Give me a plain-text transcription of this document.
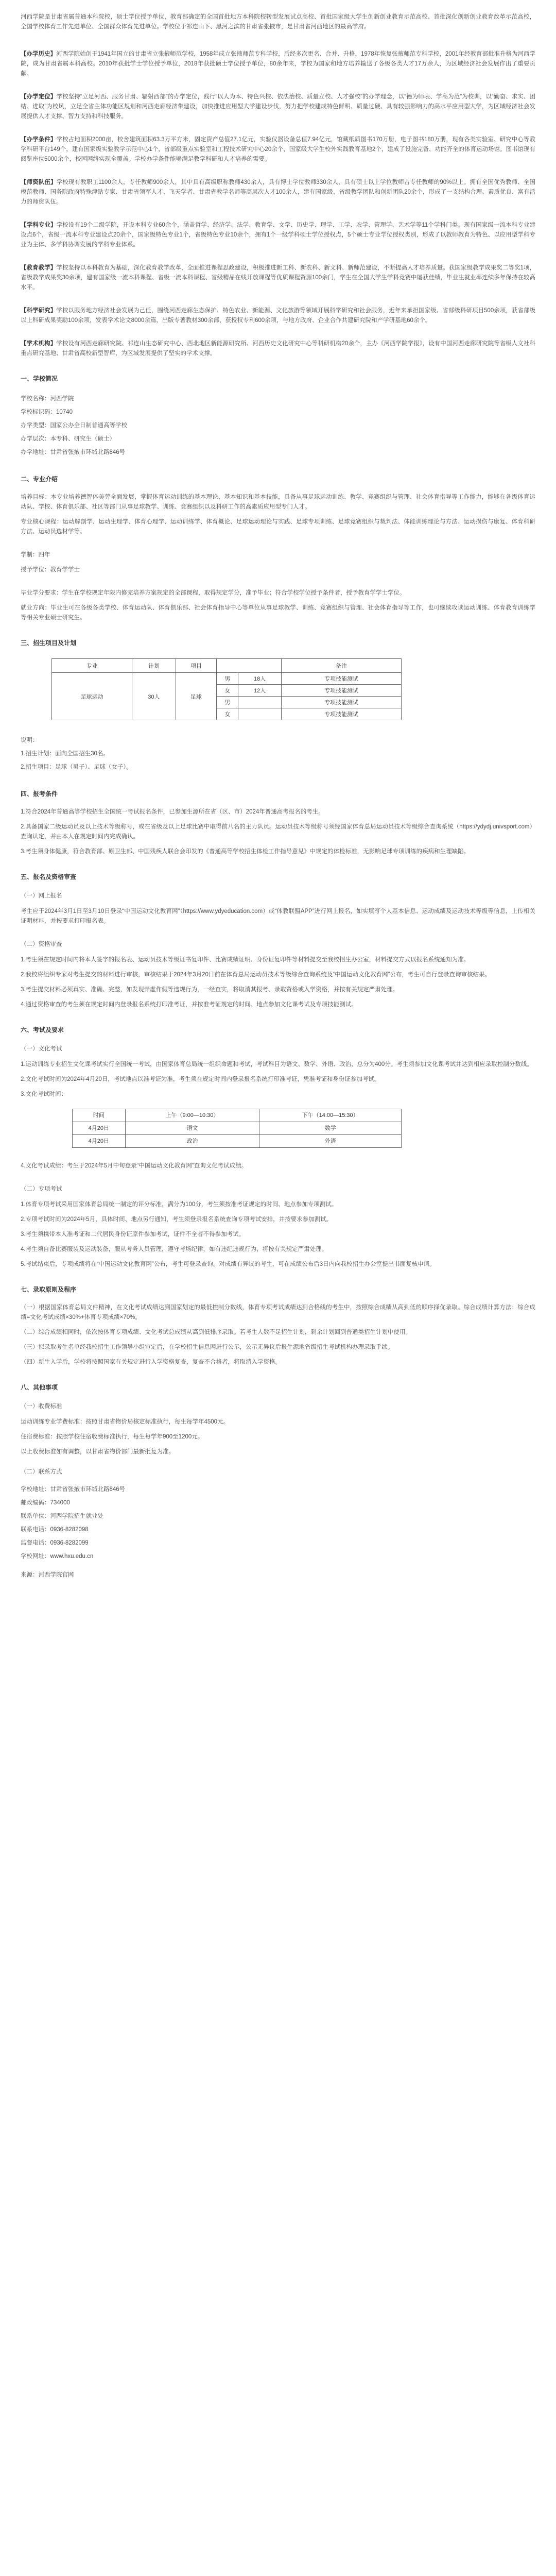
河西学院是甘肃省属普通本科院校，硕士学位授予单位，教育部确定的全国首批地方本科院校转型发展试点高校、首批国家级大学生创新创业教育示范高校、首批深化创新创业教育改革示范高校，全国学校体育工作先进单位、全国群众体育先进单位。学校位于祁连山下、黑河之滨的甘肃省张掖市，是甘肃省河西地区的最高学府。

【办学历史】河西学院始创于1941年国立的甘肃省立张掖师范学校，1958年成立张掖师范专科学校，后经多次更名、合并、升格，1978年恢复张掖师范专科学校，2001年经教育部批准升格为河西学院，成为甘肃省属本科高校。2010年获批学士学位授予单位，2018年获批硕士学位授予单位，80余年来，学校为国家和地方培养输送了各级各类人才17万余人，为区域经济社会发展作出了重要贡献。

【办学定位】学校坚持“立足河西、服务甘肃、辐射西部”的办学定位，践行“以人为本、特色兴校、依法治校、质量立校、人才强校”的办学理念，以“德为师表、学高为范”为校训，以“勤奋、求实、团结、进取”为校风，立足全省主体功能区规划和河西走廊经济带建设，加快推进应用型大学建设步伐，努力把学校建成特色鲜明、质量过硬、具有较强影响力的高水平应用型大学，为区域经济社会发展提供人才支撑、智力支持和科技服务。

【办学条件】学校占地面积2000亩，校舍建筑面积63.3万平方米，固定资产总值27.1亿元，实验仪器设备总值7.94亿元，馆藏纸质图书170万册，电子图书180万册，现有各类实验室、研究中心等教学科研平台149个，建有国家级实验教学示范中心1个，省部级重点实验室和工程技术研究中心20余个，国家级大学生校外实践教育基地2个，建成了设施完备、功能齐全的体育运动场馆。图书馆现有阅览座位5000余个，校园网络实现全覆盖。学校办学条件能够满足教学科研和人才培养的需要。

【师资队伍】学校现有教职工1100余人，专任教师900余人，其中具有高级职称教师430余人，具有博士学位教师330余人，具有硕士以上学位教师占专任教师的90%以上。拥有全国优秀教师、全国模范教师、国务院政府特殊津贴专家、甘肃省领军人才、飞天学者、甘肃省教学名师等高层次人才100余人，建有国家级、省级教学团队和创新团队20余个，形成了一支结构合理、素质优良、富有活力的师资队伍。

【学科专业】学校设有19个二级学院，开设本科专业60余个，涵盖哲学、经济学、法学、教育学、文学、历史学、理学、工学、农学、管理学、艺术学等11个学科门类。现有国家级一流本科专业建设点6个，省级一流本科专业建设点20余个，国家级特色专业1个，省级特色专业10余个，拥有1个一级学科硕士学位授权点，5个硕士专业学位授权类别，形成了以教师教育为特色、以应用型学科专业为主体、多学科协调发展的学科专业体系。

【教育教学】学校坚持以本科教育为基础，深化教育教学改革，全面推进课程思政建设，积极推进新工科、新农科、新文科、新师范建设，不断提高人才培养质量。获国家级教学成果奖二等奖1项，省级教学成果奖30余项，建有国家级一流本科课程、省级一流本科课程、省级精品在线开放课程等优质课程资源100余门，学生在全国大学生学科竞赛中屡获佳绩，毕业生就业率连续多年保持在较高水平。

【科学研究】学校以服务地方经济社会发展为己任，围绕河西走廊生态保护、特色农业、新能源、文化旅游等领域开展科学研究和社会服务，近年来承担国家级、省部级科研项目500余项，获省部级以上科研成果奖励100余项，发表学术论文8000余篇，出版专著教材300余部，获授权专利600余项，与地方政府、企业合作共建研究院和产学研基地60余个。

【学术机构】学校设有河西走廊研究院、祁连山生态研究中心、西北地区新能源研究所、河西历史文化研究中心等科研机构20余个，主办《河西学院学报》，设有中国河西走廊研究院等省级人文社科重点研究基地、甘肃省高校新型智库，为区域发展提供了坚实的学术支撑。

一、学校简况

学校名称：河西学院

学校标识码：10740

办学类型：国家公办全日制普通高等学校

办学层次：本专科、研究生（硕士）

办学地址：甘肃省张掖市环城北路846号

二、专业介绍

培养目标：本专业培养德智体美劳全面发展，掌握体育运动训练的基本理论、基本知识和基本技能，具备从事足球运动训练、教学、竞赛组织与管理、社会体育指导等工作能力，能够在各级体育运动队、学校、体育俱乐部、社区等部门从事足球教学、训练、竞赛组织以及科研工作的高素质应用型专门人才。

专业核心课程：运动解剖学、运动生理学、体育心理学、运动训练学、体育概论、足球运动理论与实践、足球专项训练、足球竞赛组织与裁判法、体能训练理论与方法、运动损伤与康复、体育科研方法、运动员选材学等。

学制：四年

授予学位：教育学学士

毕业学分要求：学生在学校规定年限内修完培养方案规定的全部课程，取得规定学分，准予毕业；符合学校学位授予条件者，授予教育学学士学位。

就业方向：毕业生可在各级各类学校、体育运动队、体育俱乐部、社会体育指导中心等单位从事足球教学、训练、竞赛组织与管理、社会体育指导等工作，也可继续攻读运动训练、体育教育训练学等相关专业硕士研究生。

三、招生项目及计划
专业	计划	项目			备注
足球运动	30人	足球	男	18人	专项技能测试
			女	12人	专项技能测试
			男		专项技能测试
			女		专项技能测试

说明：

1.招生计划：面向全国招生30名。

2.招生项目：足球（男子）、足球（女子）。

四、报考条件

1.符合2024年普通高等学校招生全国统一考试报名条件，已参加生源所在省（区、市）2024年普通高考报名的考生。

2.具备国家二级运动员及以上技术等级称号，或在省级及以上足球比赛中取得前八名的主力队员。运动员技术等级称号须经国家体育总局运动员技术等级综合查询系统（https://ydydj.univsport.com）查询认定，并由本人在规定时间内完成确认。

3.考生须身体健康，符合教育部、原卫生部、中国残疾人联合会印发的《普通高等学校招生体检工作指导意见》中规定的体检标准，无影响足球专项训练的疾病和生理缺陷。

五、报名及资格审查
（一）网上报名

考生应于2024年3月1日至3月10日登录“中国运动文化教育网”（https://www.ydyeducation.com）或“体教联盟APP”进行网上报名，如实填写个人基本信息、运动成绩及运动技术等级等信息，上传相关证明材料，并按要求打印报名表。

（二）资格审查

1.考生须在规定时间内将本人签字的报名表、运动员技术等级证书复印件、比赛成绩证明、身份证复印件等材料提交至我校招生办公室，材料提交方式以报名系统通知为准。

2.我校将组织专家对考生提交的材料进行审核，审核结果于2024年3月20日前在体育总局运动员技术等级综合查询系统及“中国运动文化教育网”公布，考生可自行登录查询审核结果。

3.考生提交材料必须真实、准确、完整，如发现弄虚作假等违规行为，一经查实，将取消其报考、录取资格或入学资格，并按有关规定严肃处理。

4.通过资格审查的考生须在规定时间内登录报名系统打印准考证，并按准考证规定的时间、地点参加文化课考试及专项技能测试。

六、考试及要求
（一）文化考试

1.运动训练专业招生文化课考试实行全国统一考试，由国家体育总局统一组织命题和考试，考试科目为语文、数学、外语、政治，总分为400分。考生须参加文化课考试并达到相应录取控制分数线。

2.文化考试时间为2024年4月20日，考试地点以准考证为准，考生须在规定时间内登录报名系统打印准考证，凭准考证和身份证参加考试。

3.文化考试时间：

时间	上午（9:00—10:30）	下午（14:00—15:30）
4月20日	语文	数学
4月20日	政治	外语

4.文化考试成绩：考生于2024年5月中旬登录“中国运动文化教育网”查询文化考试成绩。

（二）专项考试

1.体育专项考试采用国家体育总局统一制定的评分标准，满分为100分，考生须按准考证规定的时间、地点参加专项测试。

2.专项考试时间为2024年5月，具体时间、地点另行通知，考生须登录报名系统查询专项考试安排，并按要求参加测试。

3.考生须携带本人准考证和二代居民身份证原件参加考试，证件不全者不得参加考试。

4.考生须自备比赛服装及运动装备，服从考务人员管理，遵守考场纪律，如有违纪违规行为，将按有关规定严肃处理。

5.考试结束后，专项成绩将在“中国运动文化教育网”公布，考生可登录查询。对成绩有异议的考生，可在成绩公布后3日内向我校招生办公室提出书面复核申请。

七、录取原则及程序

（一）根据国家体育总局文件精神，在文化考试成绩达到国家划定的最低控制分数线，体育专项考试成绩达到合格线的考生中，按照综合成绩从高到低的顺序择优录取。综合成绩计算方法：综合成绩=文化考试成绩×30%+体育专项成绩×70%。

（二）综合成绩相同时，依次按体育专项成绩、文化考试总成绩从高到低排序录取。若考生人数不足招生计划，剩余计划回到普通类招生计划中使用。

（三）拟录取考生名单经我校招生工作领导小组审定后，在学校招生信息网进行公示，公示无异议后报生源地省级招生考试机构办理录取手续。

（四）新生入学后，学校将按照国家有关规定进行入学资格复查，复查不合格者，将取消入学资格。

八、其他事项
（一）收费标准

运动训练专业学费标准：按照甘肃省物价局核定标准执行，每生每学年4500元。

住宿费标准：按照学校住宿收费标准执行，每生每学年900至1200元。

以上收费标准如有调整，以甘肃省物价部门最新批复为准。

（二）联系方式

学校地址：甘肃省张掖市环城北路846号

邮政编码：734000

联系单位：河西学院招生就业处

联系电话：0936-8282098

监督电话：0936-8282099

学校网址：www.hxu.edu.cn

来源：河西学院官网
